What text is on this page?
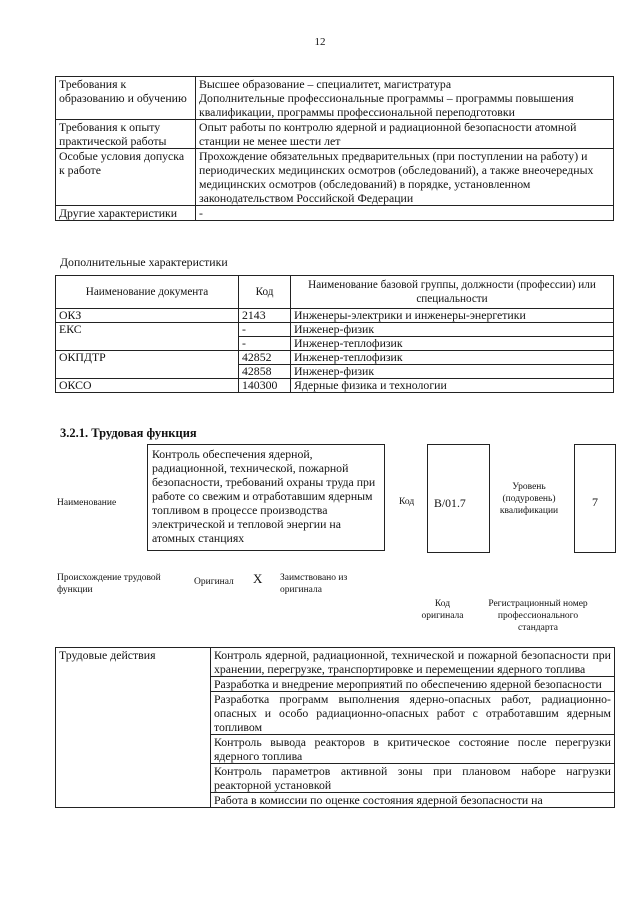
12
Требования к образованию и обучению	Высшее образование – специалитет, магистратура
Дополнительные профессиональные программы – программы повышения квалификации, программы профессиональной переподготовки

Требования к опыту практической работы	Опыт работы по контролю ядерной и радиационной безопасности атомной станции не менее шести лет
Особые условия допуска к работе	Прохождение обязательных предварительных (при поступлении на работу) и периодических медицинских осмотров (обследований), а также внеочередных медицинских осмотров (обследований) в порядке, установленном законодательством Российской Федерации
Другие характеристики	-
Дополнительные характеристики
Наименование документа	Код	Наименование базовой группы, должности (профессии) или специальности
ОКЗ	2143	Инженеры-электрики и инженеры-энергетики
ЕКС	-	Инженер-физик
	-	Инженер-теплофизик
ОКПДТР	42852	Инженер-теплофизик
	42858	Инженер-физик
ОКСО	140300	Ядерные физика и технологии
3.2.1. Трудовая функция
Наименование
Контроль обеспечения ядерной, радиационной, технической, пожарной безопасности, требований охраны труда при работе со свежим и отработавшим ядерным топливом в процессе производства электрической и тепловой энергии на атомных станциях
Код B/01.7
Уровень (подуровень) квалификации
7
Происхождение трудовой функции
Оригинал X Заимствовано из оригинала
Код оригинала
Регистрационный номер профессионального стандарта
Трудовые действия	Контроль ядерной, радиационной, технической и пожарной безопасности при хранении, перегрузке, транспортировке и перемещении ядерного топлива
Разработка и внедрение мероприятий по обеспечению ядерной безопасности
Разработка программ выполнения ядерно-опасных работ, радиационно-опасных и особо радиационно-опасных работ с отработавшим ядерным топливом
Контроль вывода реакторов в критическое состояние после перегрузки ядерного топлива
Контроль параметров активной зоны при плановом наборе нагрузки реакторной установкой
Работа в комиссии по оценке состояния ядерной безопасности на
